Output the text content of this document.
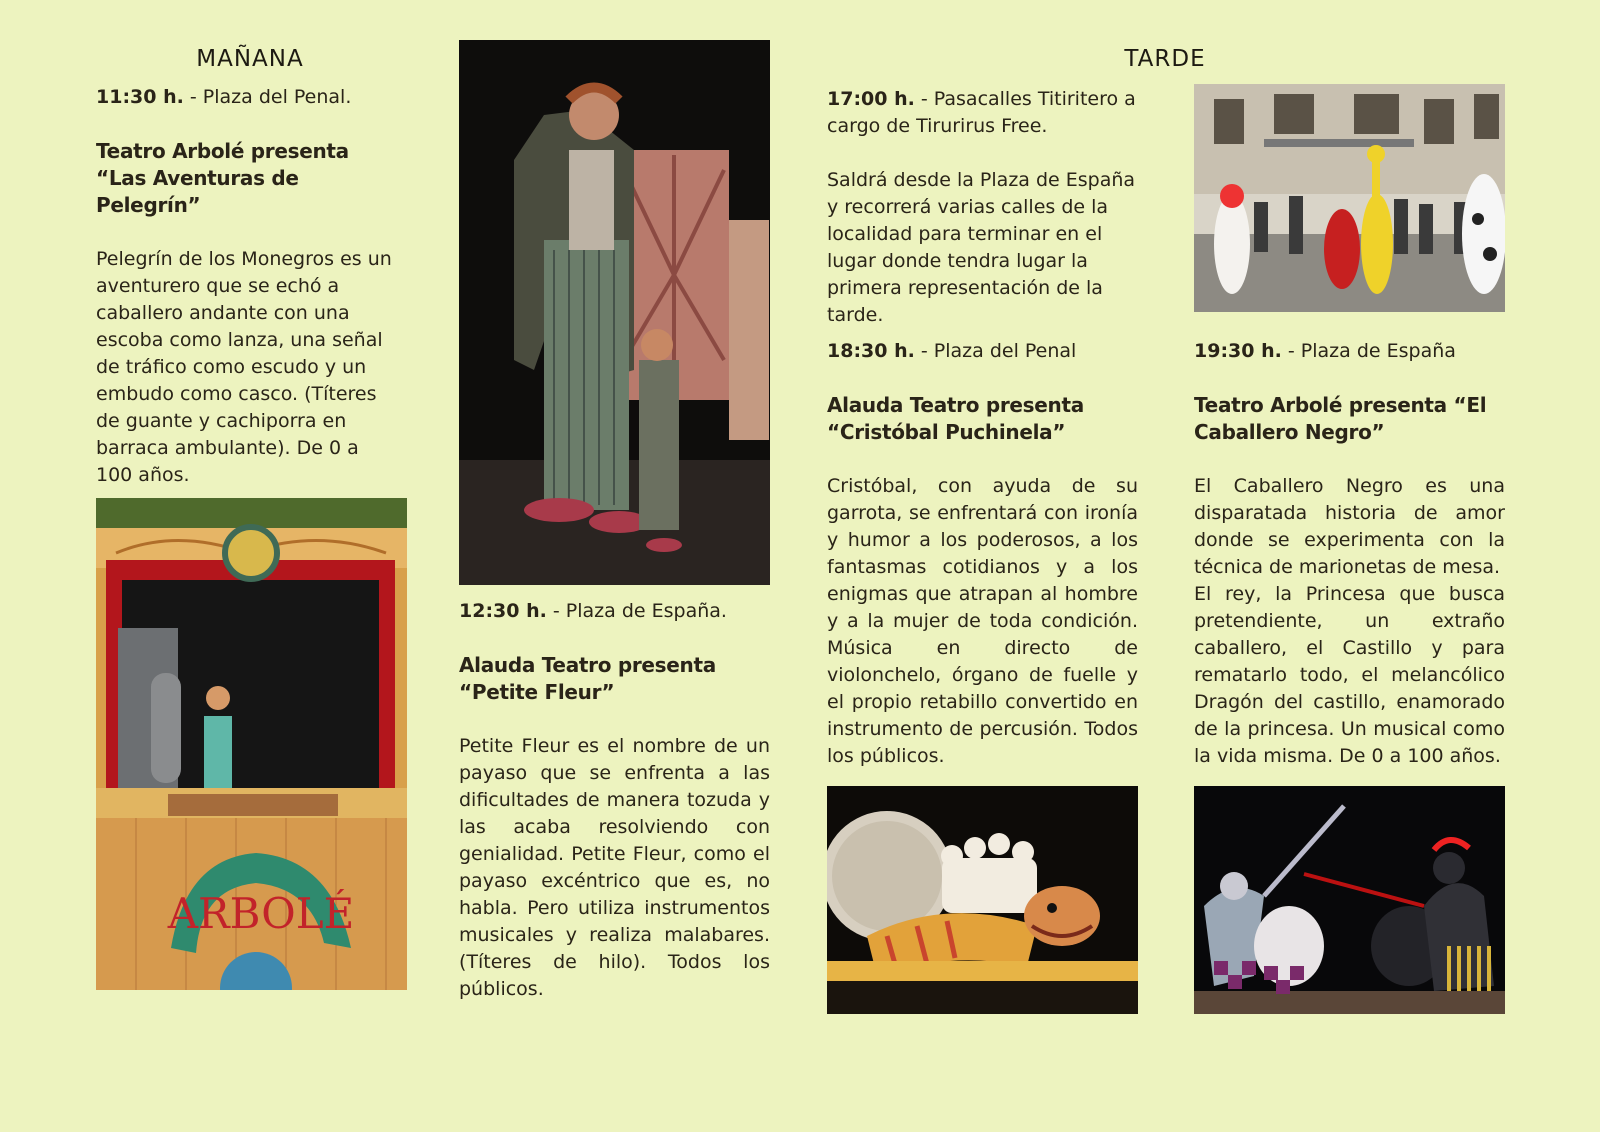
MAÑANA	TARDE

11:30 h. - Plaza del Penal.

Teatro Arbolé presenta “Las Aventuras de Pelegrín”

Pelegrín de los Monegros es un aventurero que se echó a caballero andante con una escoba como lanza, una señal de tráfico como escudo y un embudo como casco. (Títeres de guante y cachiporra en barraca ambulante). De 0 a 100 años.

ARBOLÉ

12:30 h. - Plaza de España.

Alauda Teatro presenta “Petite Fleur”

Petite Fleur es el nombre de un payaso que se enfrenta a las dificultades de manera tozuda y las acaba resolviendo con genialidad. Petite Fleur, como el payaso excéntrico que es, no habla. Pero utiliza instrumentos musicales y realiza malabares. (Títeres de hilo). Todos los públicos.

17:00 h. - Pasacalles Titiritero a cargo de Tirurirus Free.

Saldrá desde la Plaza de España y recorrerá varias calles de la localidad para terminar en el lugar donde tendra lugar la primera representación de la tarde.

18:30 h. - Plaza del Penal

Alauda Teatro presenta “Cristóbal Puchinela”

Cristóbal, con ayuda de su garrota, se enfrentará con ironía y humor a los poderosos, a los fantasmas cotidianos y a los enigmas que atrapan al hombre y a la mujer de toda condición. Música en directo de violonchelo, órgano de fuelle y el propio retabillo convertido en instrumento de percusión. Todos los públicos.

19:30 h. - Plaza de España

Teatro Arbolé presenta “El Caballero Negro”

El Caballero Negro es una disparatada historia de amor donde se experimenta con la técnica de marionetas de mesa.

El rey, la Princesa que busca pretendiente, un extraño caballero, el Castillo y para rematarlo todo, el melancólico Dragón del castillo, enamorado de la princesa. Un musical como la vida misma. De 0 a 100 años.
